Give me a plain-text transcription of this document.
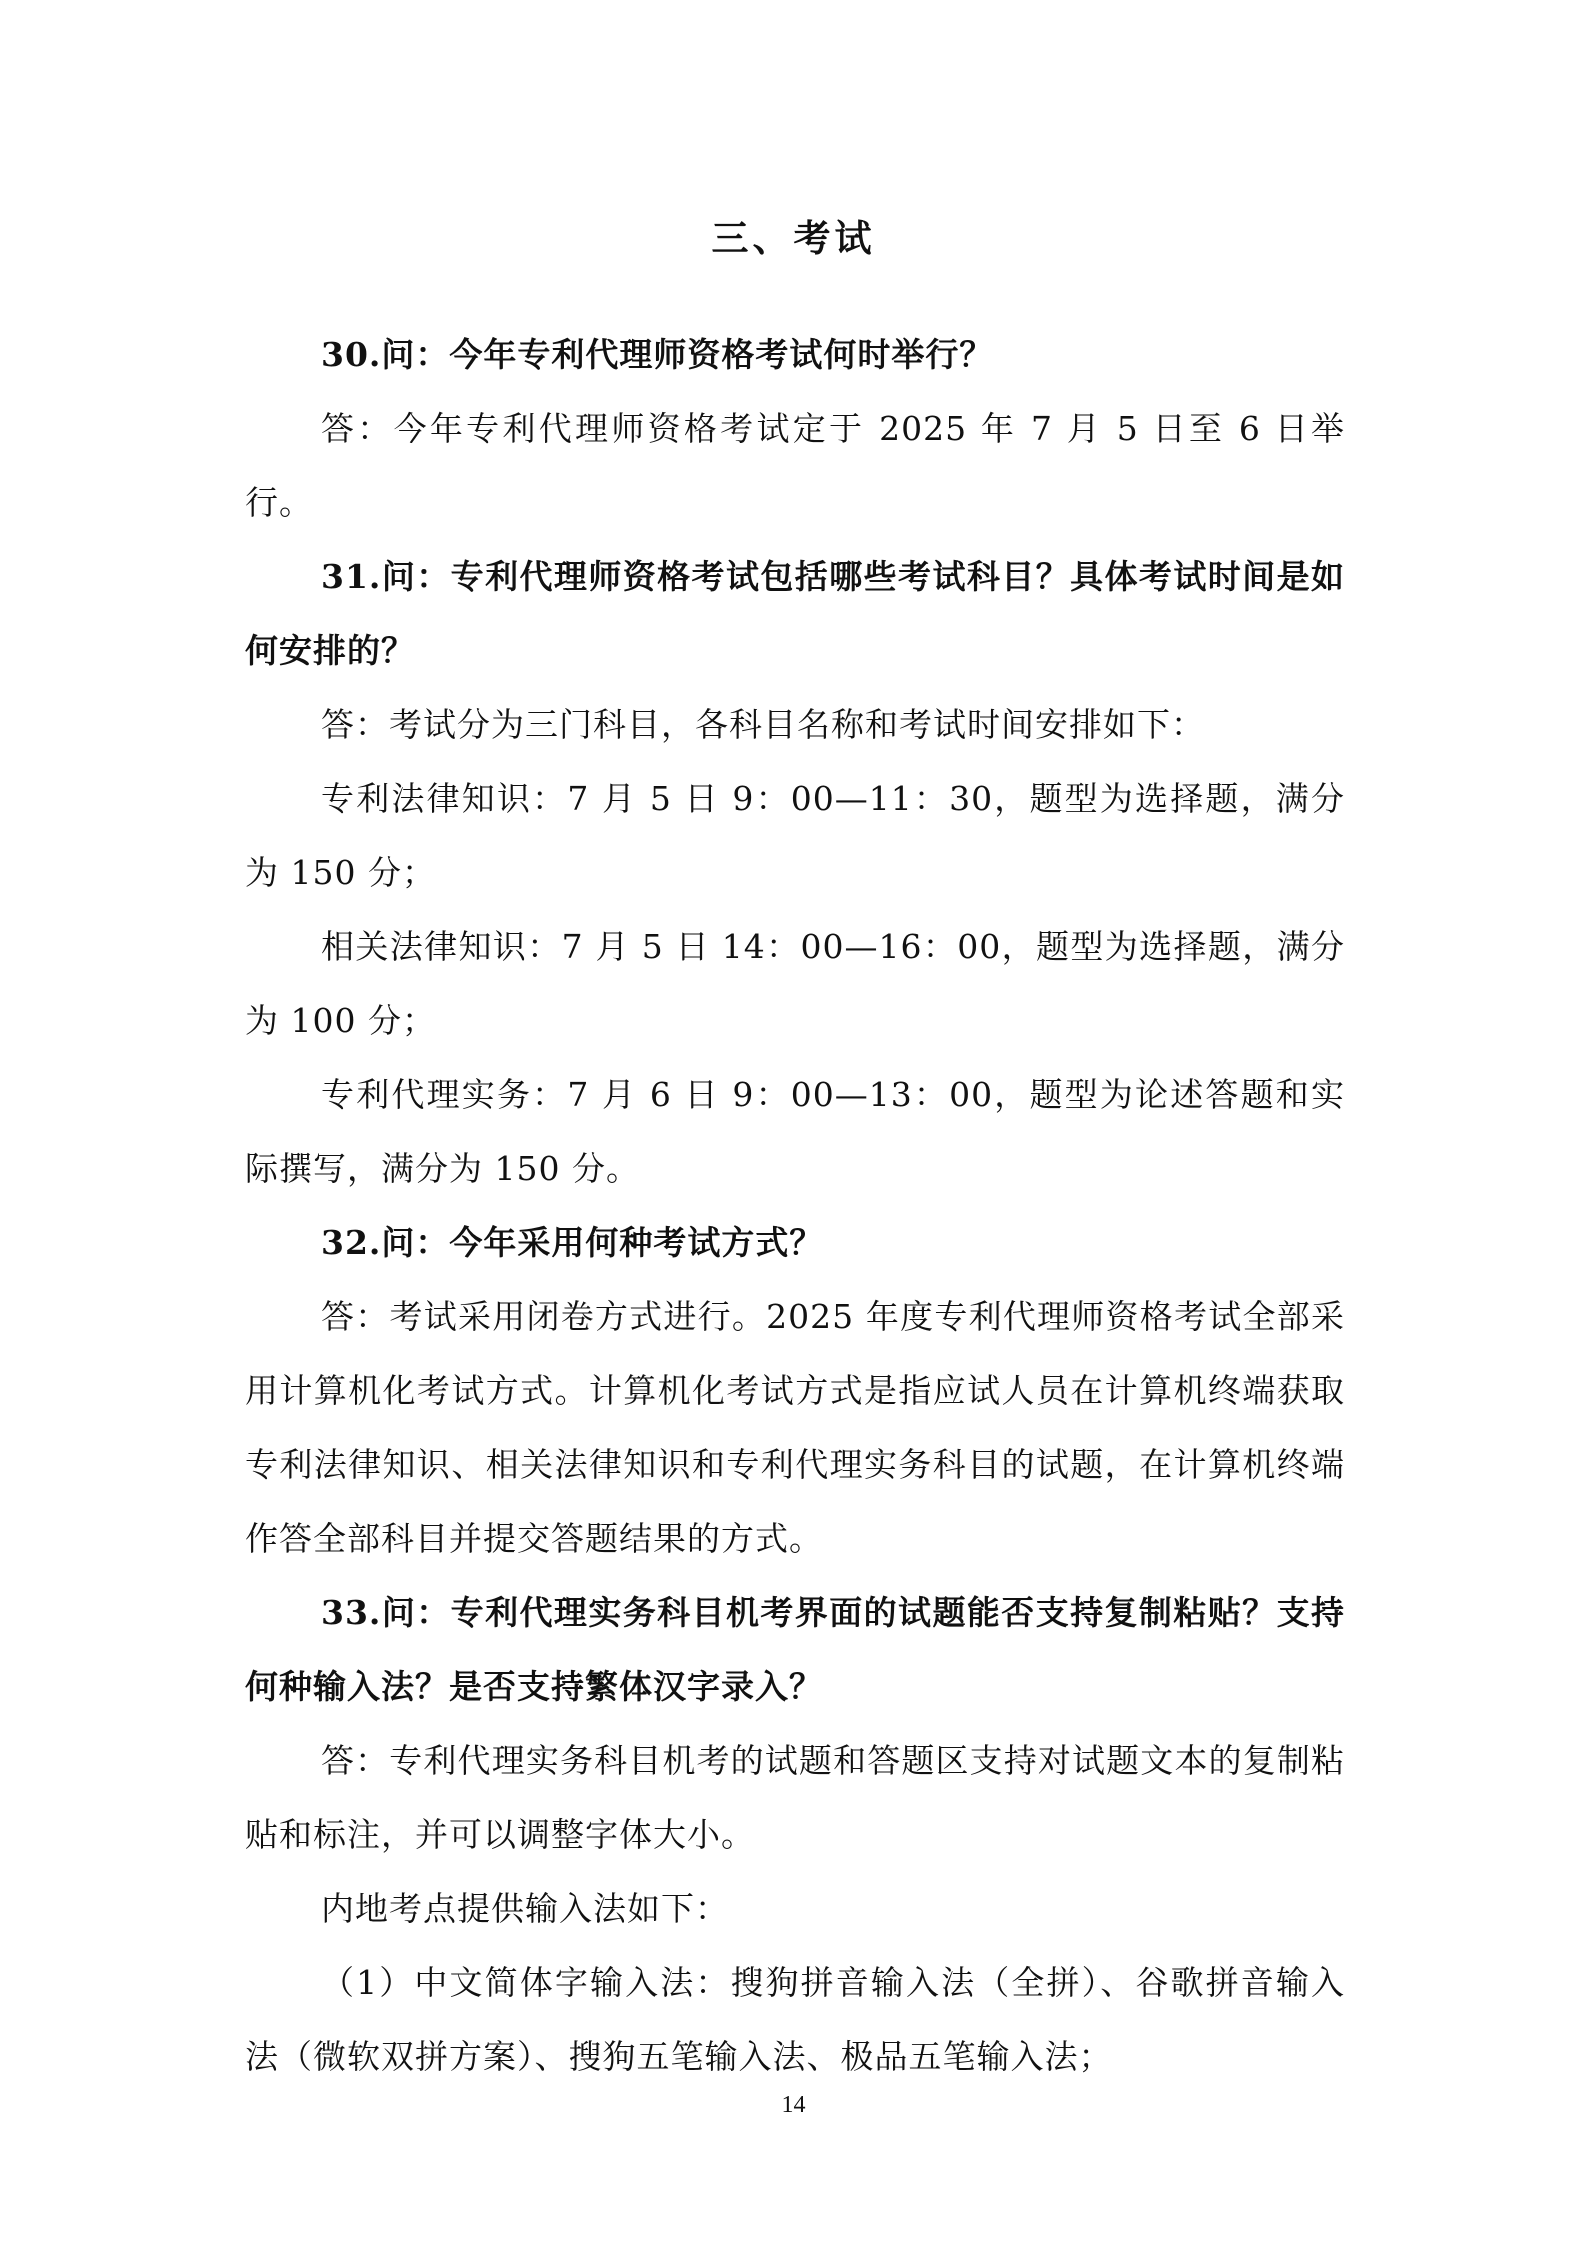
三、考试

30.问：今年专利代理师资格考试何时举行？

答：今年专利代理师资格考试定于 2025 年 7 月 5 日至 6 日举行。

31.问：专利代理师资格考试包括哪些考试科目？具体考试时间是如何安排的？

答：考试分为三门科目，各科目名称和考试时间安排如下：

专利法律知识：7 月 5 日 9：00—11：30，题型为选择题，满分为 150 分；

相关法律知识：7 月 5 日 14：00—16：00，题型为选择题，满分为 100 分；

专利代理实务：7 月 6 日 9：00—13：00，题型为论述答题和实际撰写，满分为 150 分。

32.问：今年采用何种考试方式？

答：考试采用闭卷方式进行。2025 年度专利代理师资格考试全部采用计算机化考试方式。计算机化考试方式是指应试人员在计算机终端获取专利法律知识、相关法律知识和专利代理实务科目的试题，在计算机终端作答全部科目并提交答题结果的方式。

33.问：专利代理实务科目机考界面的试题能否支持复制粘贴？支持何种输入法？是否支持繁体汉字录入？

答：专利代理实务科目机考的试题和答题区支持对试题文本的复制粘贴和标注，并可以调整字体大小。

内地考点提供输入法如下：

（1）中文简体字输入法：搜狗拼音输入法（全拼）、谷歌拼音输入法（微软双拼方案）、搜狗五笔输入法、极品五笔输入法；

14
